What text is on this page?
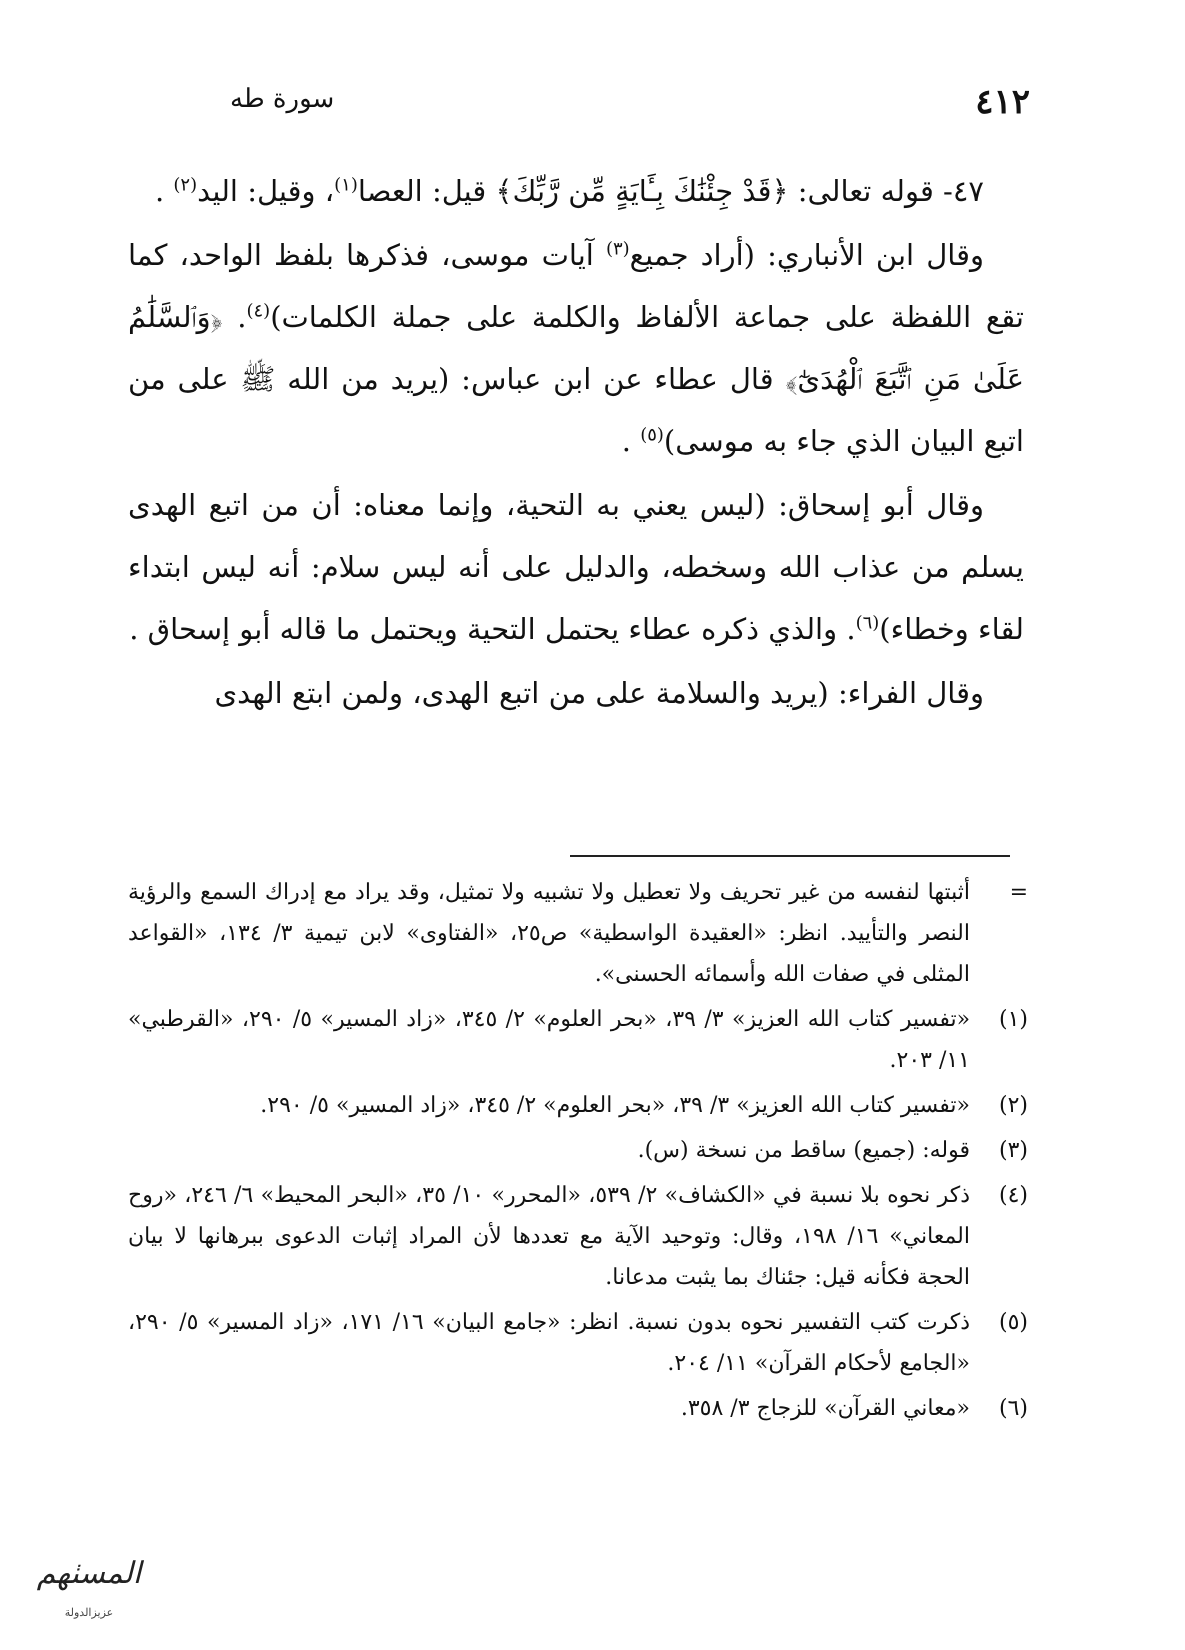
٤١٢
سورة طه

٤٧- قوله تعالى: ﴿قَدْ جِئْنَٰكَ بِـَٔايَةٍ مِّن رَّبِّكَ﴾ قيل: العصا$^{(١)}$، وقيل: اليد$^{(٢)}$ .

وقال ابن الأنباري: (أراد جميع$^{(٣)}$ آيات موسى، فذكرها بلفظ الواحد، كما تقع اللفظة على جماعة الألفاظ والكلمة على جملة الكلمات)$^{(٤)}$. ﴿وَٱلسَّلَٰمُ عَلَىٰ مَنِ ٱتَّبَعَ ٱلْهُدَىٰٓ﴾ قال عطاء عن ابن عباس: (يريد من الله ﷺ على من اتبع البيان الذي جاء به موسى)$^{(٥)}$ .

وقال أبو إسحاق: (ليس يعني به التحية، وإنما معناه: أن من اتبع الهدى يسلم من عذاب الله وسخطه، والدليل على أنه ليس سلام: أنه ليس ابتداء لقاء وخطاء)$^{(٦)}$. والذي ذكره عطاء يحتمل التحية ويحتمل ما قاله أبو إسحاق .

وقال الفراء: (يريد والسلامة على من اتبع الهدى، ولمن ابتع الهدى

=
أثبتها لنفسه من غير تحريف ولا تعطيل ولا تشبيه ولا تمثيل، وقد يراد مع إدراك السمع والرؤية النصر والتأييد. انظر: «العقيدة الواسطية» ص٢٥، «الفتاوى» لابن تيمية ٣/ ١٣٤، «القواعد المثلى في صفات الله وأسمائه الحسنى».
(١)
«تفسير كتاب الله العزيز» ٣/ ٣٩، «بحر العلوم» ٢/ ٣٤٥، «زاد المسير» ٥/ ٢٩٠، «القرطبي» ١١/ ٢٠٣.
(٢)
«تفسير كتاب الله العزيز» ٣/ ٣٩، «بحر العلوم» ٢/ ٣٤٥، «زاد المسير» ٥/ ٢٩٠.
(٣)
قوله: (جميع) ساقط من نسخة (س).
(٤)
ذكر نحوه بلا نسبة في «الكشاف» ٢/ ٥٣٩، «المحرر» ١٠/ ٣٥، «البحر المحيط» ٦/ ٢٤٦، «روح المعاني» ١٦/ ١٩٨، وقال: وتوحيد الآية مع تعددها لأن المراد إثبات الدعوى ببرهانها لا بيان الحجة فكأنه قيل: جئناك بما يثبت مدعانا.
(٥)
ذكرت كتب التفسير نحوه بدون نسبة. انظر: «جامع البيان» ١٦/ ١٧١، «زاد المسير» ٥/ ٢٩٠، «الجامع لأحكام القرآن» ١١/ ٢٠٤.
(٦)
«معاني القرآن» للزجاج ٣/ ٣٥٨.
المسٺهم
عز‌يزالدولة
